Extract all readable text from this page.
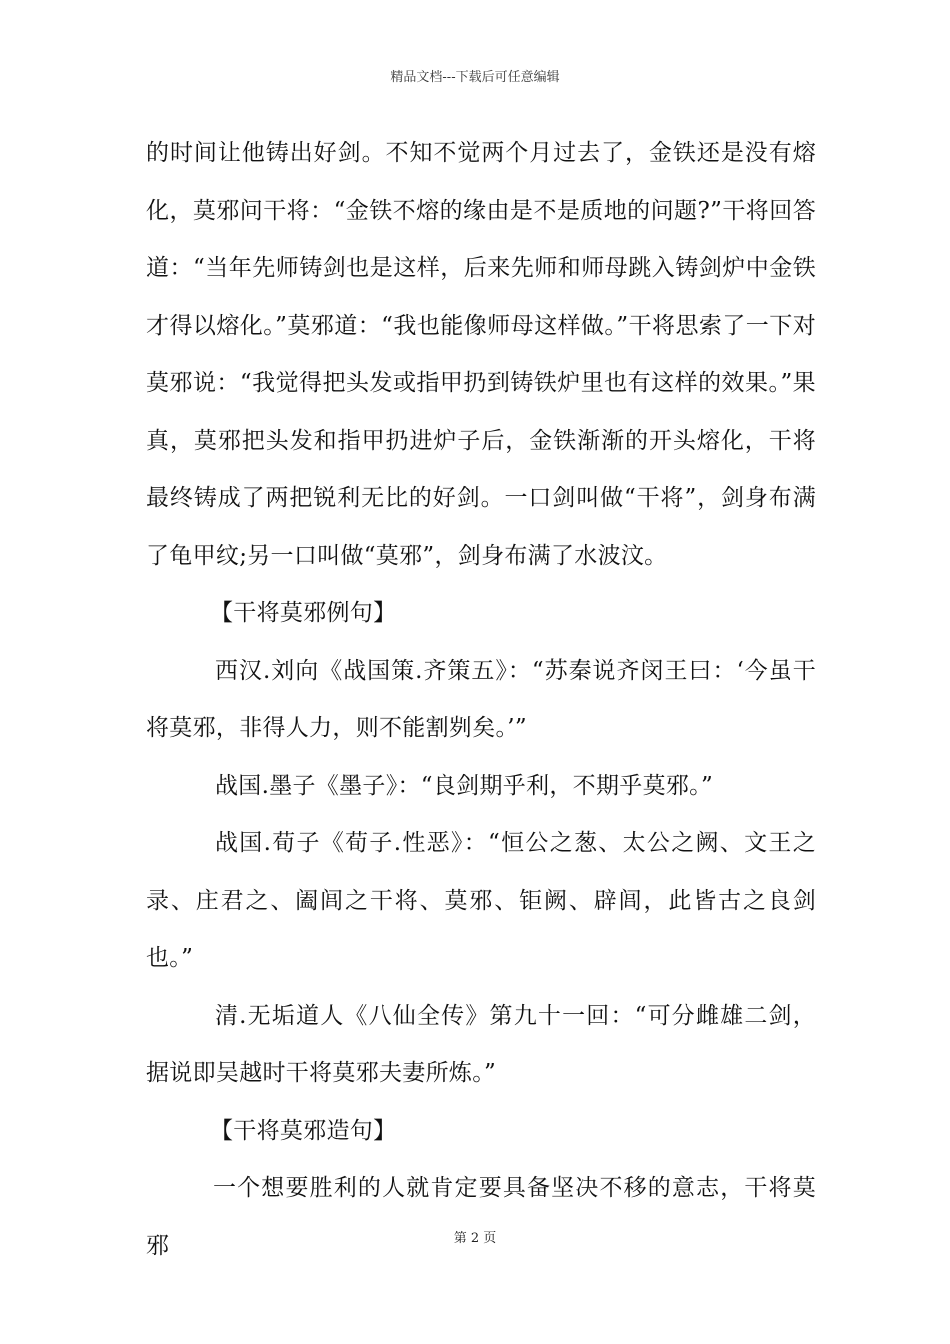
精品文档---下载后可任意编辑

的时间让他铸出好剑。不知不觉两个月过去了，金铁还是没有熔化，莫邪问干将：“金铁不熔的缘由是不是质地的问题?”干将回答道：“当年先师铸剑也是这样，后来先师和师母跳入铸剑炉中金铁才得以熔化。”莫邪道：“我也能像师母这样做。”干将思索了一下对莫邪说：“我觉得把头发或指甲扔到铸铁炉里也有这样的效果。”果真，莫邪把头发和指甲扔进炉子后，金铁渐渐的开头熔化，干将最终铸成了两把锐利无比的好剑。一口剑叫做“干将”，剑身布满了龟甲纹;另一口叫做“莫邪”，剑身布满了水波汶。

【干将莫邪例句】

西汉.刘向《战国策.齐策五》：“苏秦说齐闵王曰：‘今虽干将莫邪，非得人力，则不能割刿矣。’”

战国.墨子《墨子》：“良剑期乎利，不期乎莫邪。”

战国.荀子《荀子.性恶》：“恒公之葱、太公之阙、文王之录、庄君之、阖闾之干将、莫邪、钜阙、辟闾，此皆古之良剑也。”

清.无垢道人《八仙全传》第九十一回：“可分雌雄二剑，据说即吴越时干将莫邪夫妻所炼。”

【干将莫邪造句】

一个想要胜利的人就肯定要具备坚决不移的意志，干将莫邪	第 2 页
